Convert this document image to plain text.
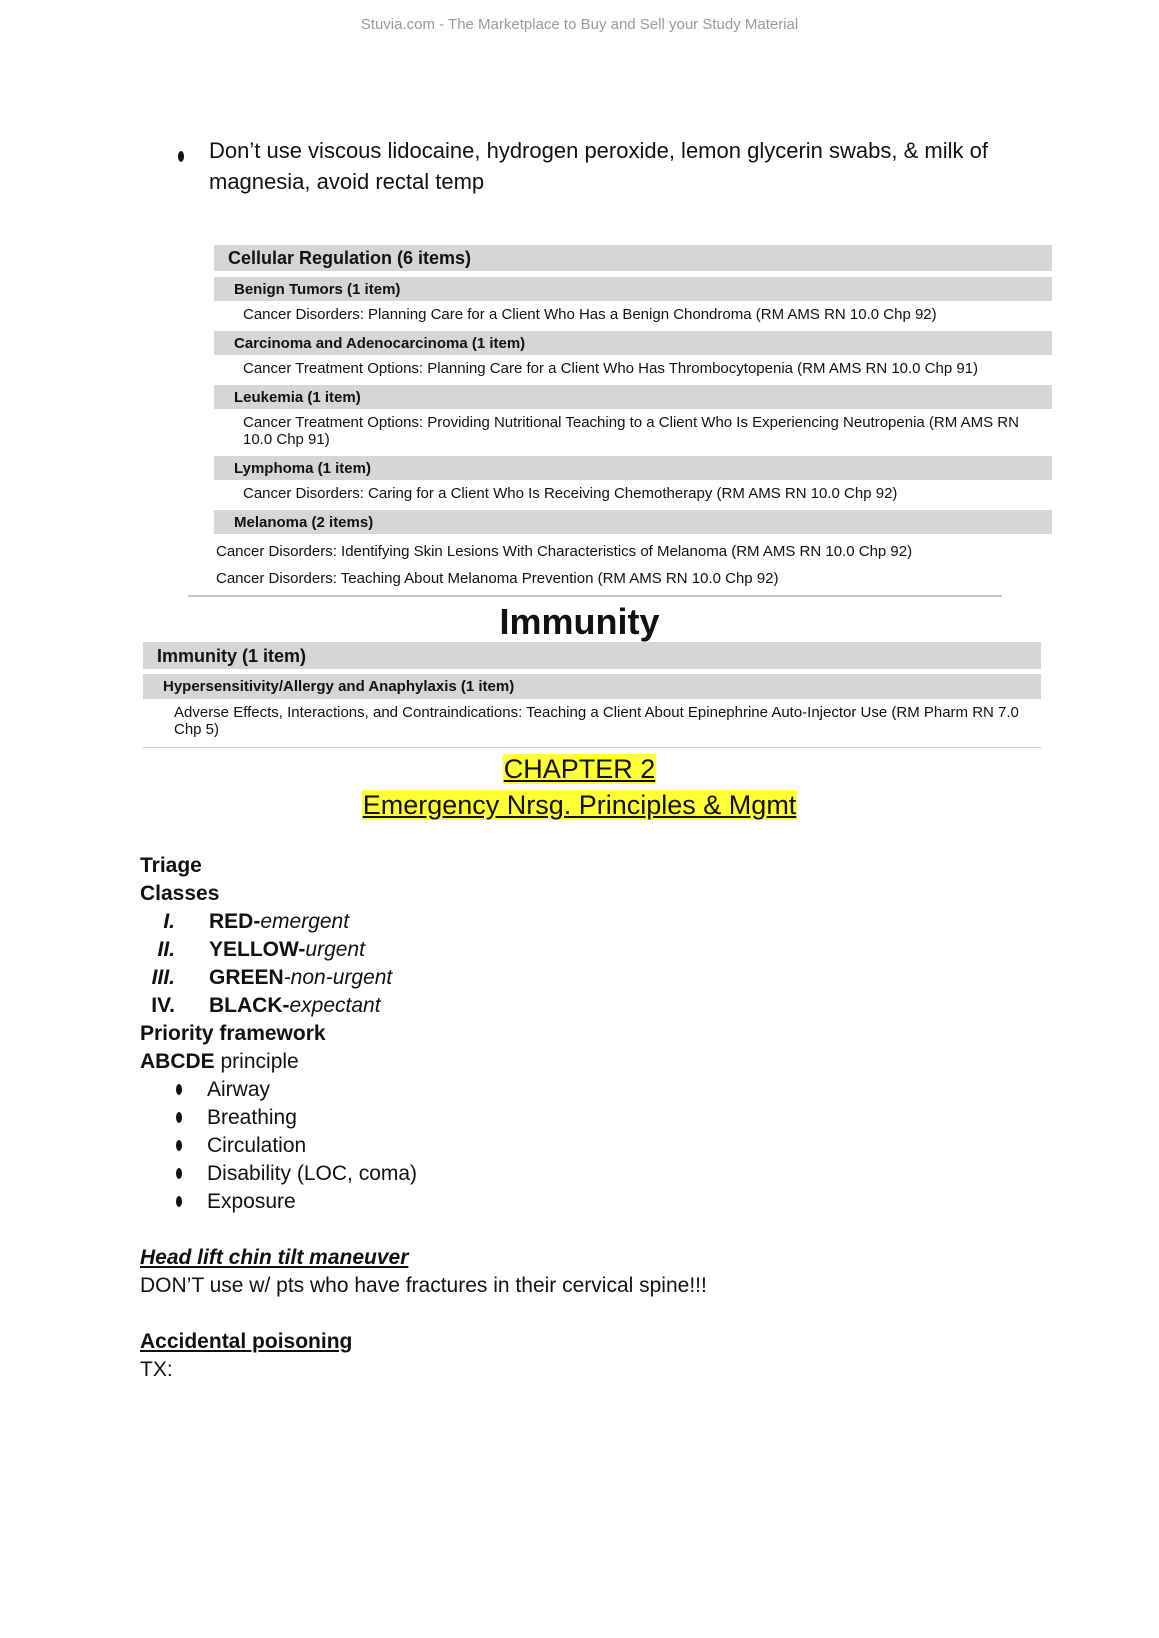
Stuvia.com - The Marketplace to Buy and Sell your Study Material
Don’t use viscous lidocaine, hydrogen peroxide, lemon glycerin swabs, & milk of
magnesia, avoid rectal temp
Cellular Regulation (6 items)
Benign Tumors (1 item)
Cancer Disorders: Planning Care for a Client Who Has a Benign Chondroma (RM AMS RN 10.0 Chp 92)
Carcinoma and Adenocarcinoma (1 item)
Cancer Treatment Options: Planning Care for a Client Who Has Thrombocytopenia (RM AMS RN 10.0 Chp 91)
Leukemia (1 item)
Cancer Treatment Options: Providing Nutritional Teaching to a Client Who Is Experiencing Neutropenia (RM AMS RN 10.0 Chp 91)
Lymphoma (1 item)
Cancer Disorders: Caring for a Client Who Is Receiving Chemotherapy (RM AMS RN 10.0 Chp 92)
Melanoma (2 items)
Cancer Disorders: Identifying Skin Lesions With Characteristics of Melanoma (RM AMS RN 10.0 Chp 92)
Cancer Disorders: Teaching About Melanoma Prevention (RM AMS RN 10.0 Chp 92)
Immunity
Immunity (1 item)
Hypersensitivity/Allergy and Anaphylaxis (1 item)
Adverse Effects, Interactions, and Contraindications: Teaching a Client About Epinephrine Auto-Injector Use (RM Pharm RN 7.0 Chp 5)
CHAPTER 2
Emergency Nrsg. Principles & Mgmt
Triage
Classes
I. RED-emergent
II. YELLOW-urgent
III. GREEN-non-urgent
IV. BLACK-expectant
Priority framework
ABCDE principle
Airway
Breathing
Circulation
Disability (LOC, coma)
Exposure
Head lift chin tilt maneuver
DON’T use w/ pts who have fractures in their cervical spine!!!
Accidental poisoning
TX:
